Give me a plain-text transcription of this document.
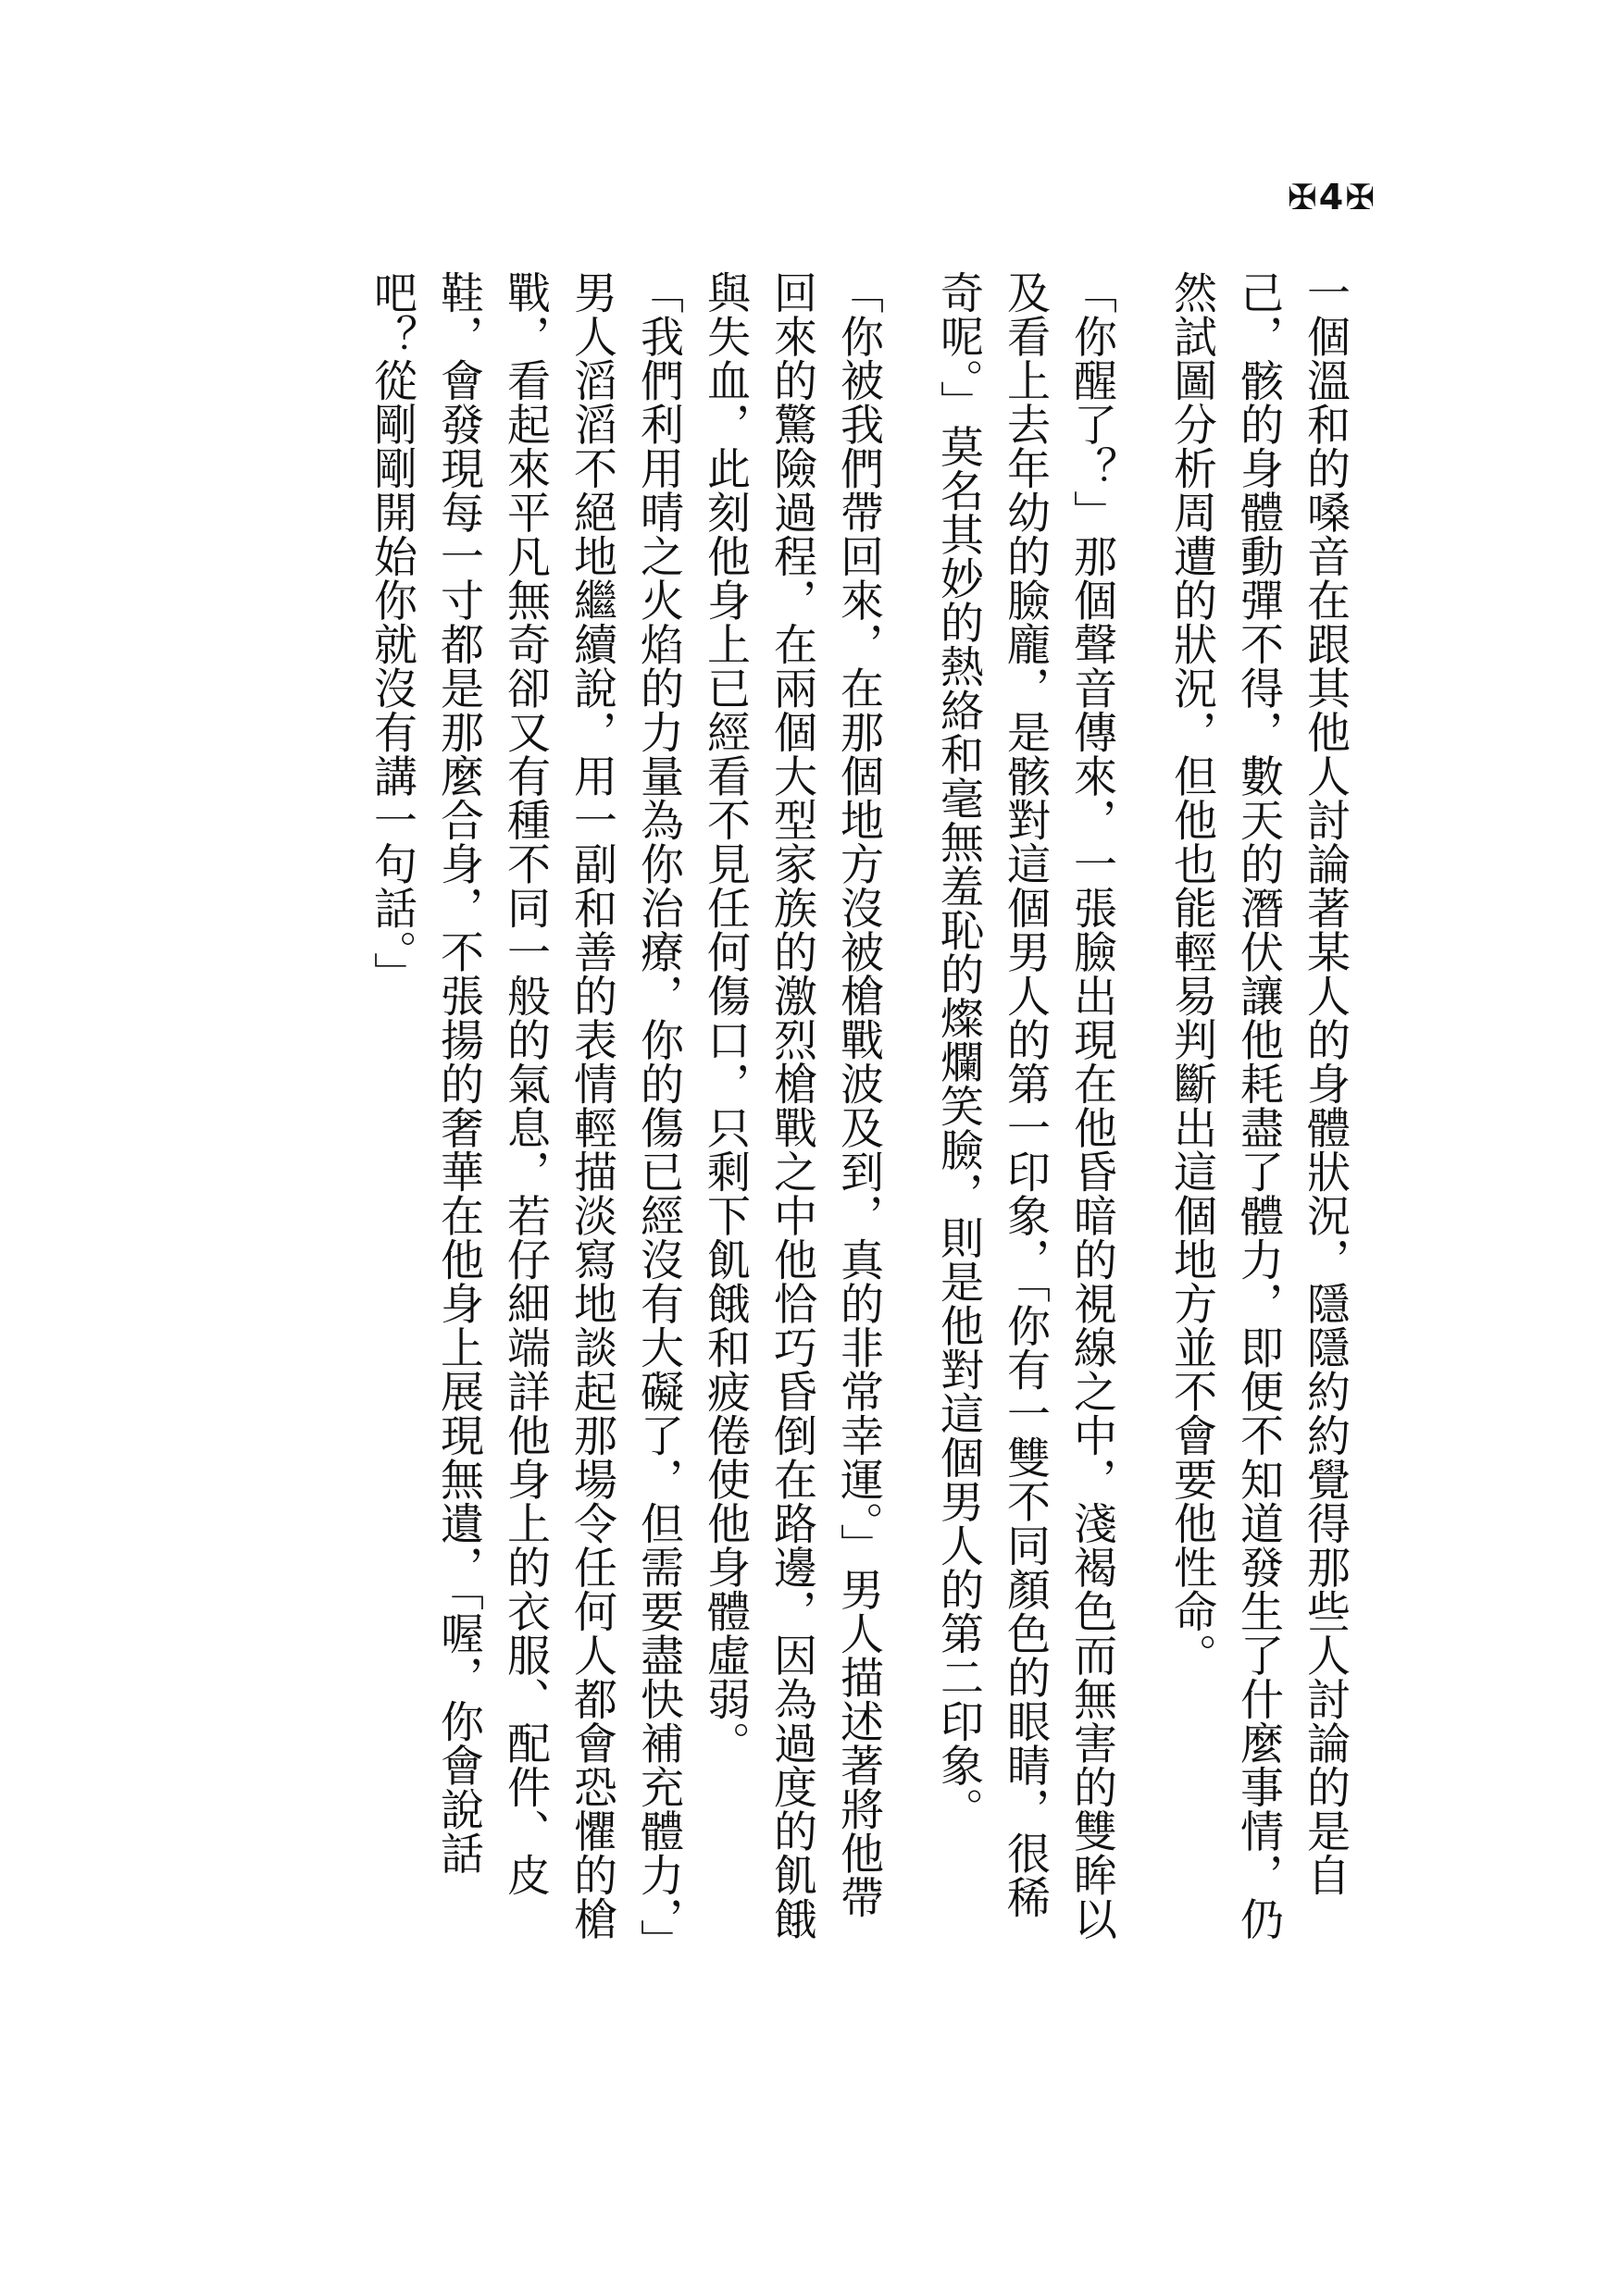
✠ 4 ✠

一個溫和的嗓音在跟其他人討論著某人的身體狀況，隱隱約約覺得那些人討論的是自己，骸的身體動彈不得，數天的潛伏讓他耗盡了體力，即便不知道發生了什麼事情，仍然試圖分析周遭的狀況，但他也能輕易判斷出這個地方並不會要他性命。

「你醒了？」那個聲音傳來，一張臉出現在他昏暗的視線之中，淺褐色而無害的雙眸以及看上去年幼的臉龐，是骸對這個男人的第一印象，「你有一雙不同顏色的眼睛，很稀奇呢。」莫名其妙的熱絡和毫無羞恥的燦爛笑臉，則是他對這個男人的第二印象。

「你被我們帶回來，在那個地方沒被槍戰波及到，真的非常幸運。」男人描述著將他帶回來的驚險過程，在兩個大型家族的激烈槍戰之中他恰巧昏倒在路邊，因為過度的飢餓與失血，此刻他身上已經看不見任何傷口，只剩下飢餓和疲倦使他身體虛弱。

「我們利用晴之火焰的力量為你治療，你的傷已經沒有大礙了，但需要盡快補充體力，」男人滔滔不絕地繼續說，用一副和善的表情輕描淡寫地談起那場令任何人都會恐懼的槍戰，看起來平凡無奇卻又有種不同一般的氣息，若仔細端詳他身上的衣服、配件、皮鞋，會發現每一寸都是那麼合身，不張揚的奢華在他身上展現無遺，「喔，你會說話吧？從剛剛開始你就沒有講一句話。」
